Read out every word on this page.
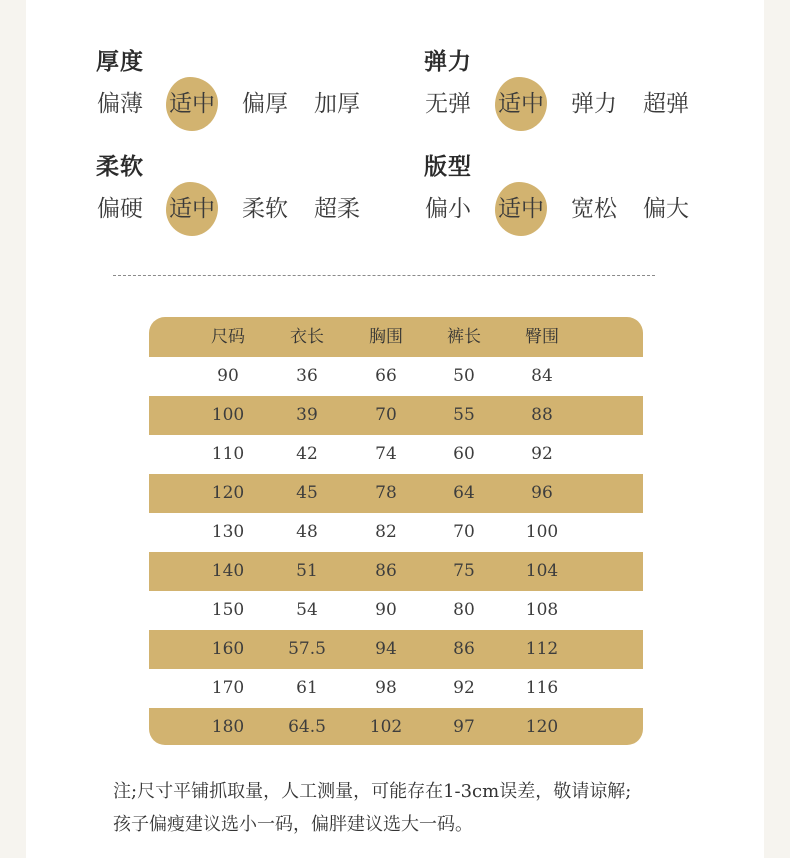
厚度
偏薄 适中 偏厚 加厚
弹力
无弹 适中 弹力 超弹
柔软
偏硬 适中 柔软 超柔
版型
偏小 适中 宽松 偏大
尺码	衣长	胸围	裤长	臀围
90	36	66	50	84
100	39	70	55	88
110	42	74	60	92
120	45	78	64	96
130	48	82	70	100
140	51	86	75	104
150	54	90	80	108
160	57.5	94	86	112
170	61	98	92	116
180	64.5	102	97	120
注;尺寸平铺抓取量，人工测量，可能存在1-3cm误差，敬请谅解;
孩子偏瘦建议选小一码，偏胖建议选大一码。
